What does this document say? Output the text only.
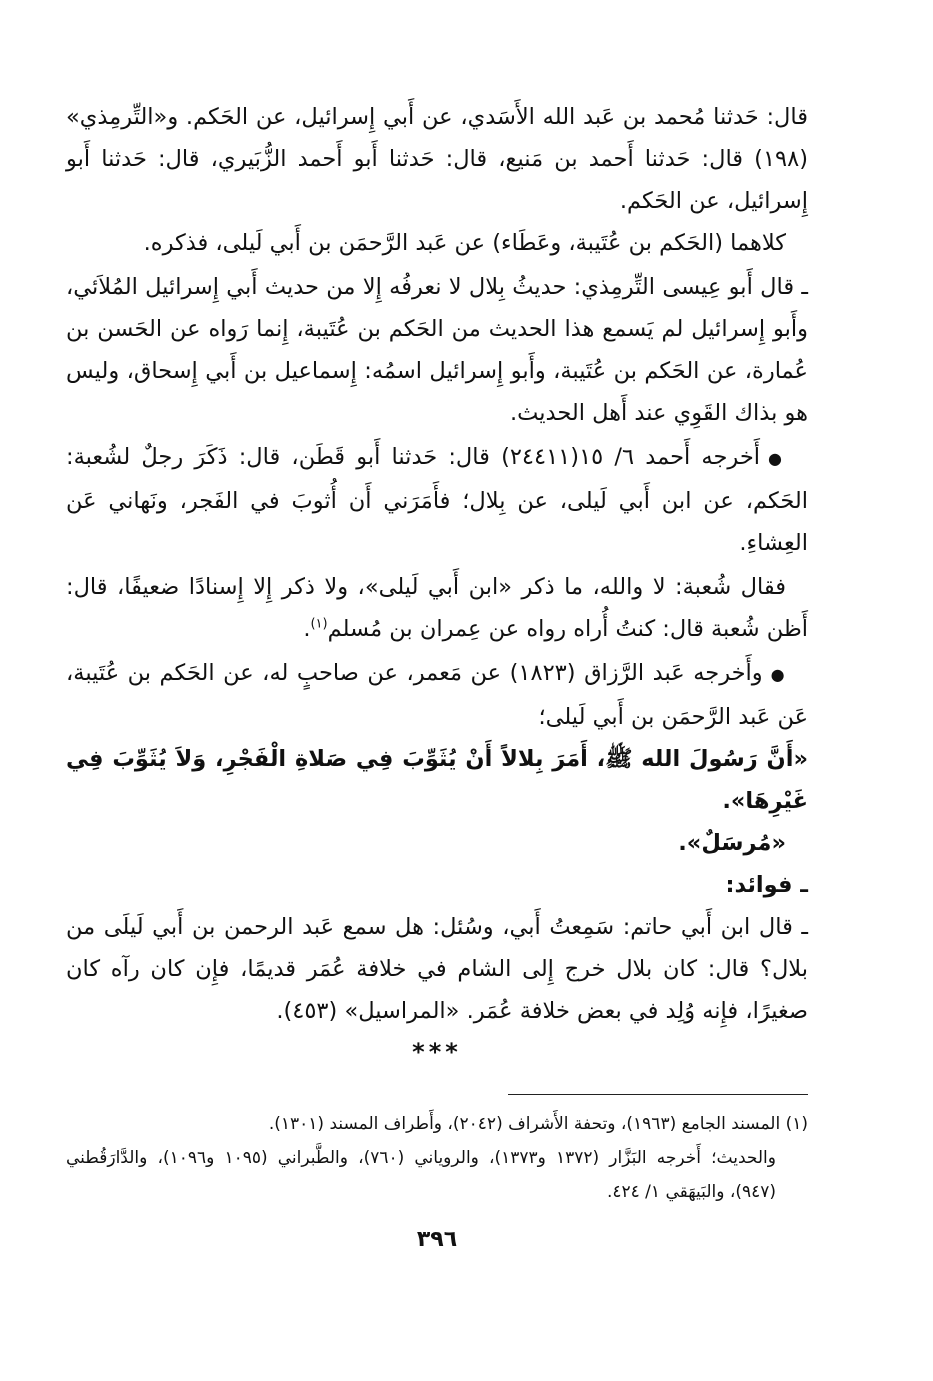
قال: حَدثنا مُحمد بن عَبد الله الأَسَدي، عن أَبي إِسرائيل، عن الحَكم. و«التِّرمِذي» (١٩٨) قال: حَدثنا أَحمد بن مَنيع، قال: حَدثنا أَبو أَحمد الزُّبَيري، قال: حَدثنا أَبو إِسرائيل، عن الحَكم.

كلاهما (الحَكم بن عُتَيبة، وعَطَاء) عن عَبد الرَّحمَن بن أَبي لَيلى، فذكره.

ـ قال أَبو عِيسى التِّرمِذي: حديثُ بِلال لا نعرفُه إِلا من حديث أَبي إِسرائيل المُلاَئي، وأَبو إِسرائيل لم يَسمع هذا الحديث من الحَكم بن عُتَيبة، إِنما رَواه عن الحَسن بن عُمارة، عن الحَكم بن عُتَيبة، وأَبو إِسرائيل اسمُه: إِسماعيل بن أَبي إِسحاق، وليس هو بذاك القَوِي عند أَهل الحديث.

●أَخرجه أَحمد ٦/ ١٥(٢٤٤١١) قال: حَدثنا أَبو قَطَن، قال: ذَكَرَ رجلٌ لشُعبة: الحَكم، عن ابن أَبي لَيلى، عن بِلال؛ فأَمَرَني أَن أُثوبَ في الفَجر، ونَهاني عَن العِشاءِ.

فقال شُعبة: لا والله، ما ذكر «ابن أَبي لَيلى»، ولا ذكر إِلا إِسنادًا ضعيفًا، قال: أَظن شُعبة قال: كنتُ أُراه رواه عن عِمران بن مُسلم$^{(١)}$.

●وأَخرجه عَبد الرَّزاق (١٨٢٣) عن مَعمر، عن صاحبٍ له، عن الحَكم بن عُتَيبة، عَن عَبد الرَّحمَن بن أَبي لَيلى؛

«أَنَّ رَسُولَ الله ﷺ، أَمَرَ بِلالاً أَنْ يُثَوِّبَ فِي صَلاةِ الْفَجْرِ، وَلاَ يُثَوِّبَ فِي غَيْرِهَا».

«مُرسَلٌ».

ـ فوائد:

ـ قال ابن أَبي حاتم: سَمِعتُ أَبي، وسُئل: هل سمع عَبد الرحمن بن أَبي لَيلَى من بلال؟ قال: كان بلال خرج إِلى الشام في خلافة عُمَر قديمًا، فإِن كان رآه كان صغيرًا، فإِنه وُلِد في بعض خلافة عُمَر. «المراسيل» (٤٥٣).

***

(١) المسند الجامع (١٩٦٣)، وتحفة الأَشراف (٢٠٤٢)، وأَطراف المسند (١٣٠١).

والحديث؛ أَخرجه البَزَّار (١٣٧٢ و١٣٧٣)، والروياني (٧٦٠)، والطَّبراني (١٠٩٥ و١٠٩٦)، والدَّارَقُطني (٩٤٧)، والبَيهَقي ١/ ٤٢٤.

٣٩٦
